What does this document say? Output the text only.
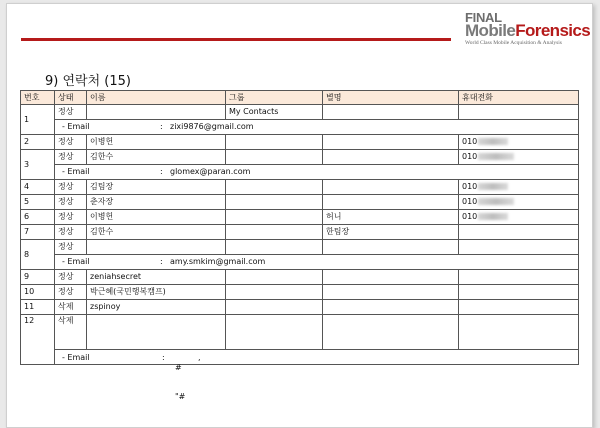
FINAL
MobileForensics
World Class Mobile Acquisition & Analysis
9) 연락처 (15)
번호	상태	이름	그룹	별명	휴대전화
1	정상		My Contacts		
	- Email : zixi9876@gmail.com				
2	정상	이병헌			010
3	정상	김한수			010
	- Email : glomex@paran.com				
4	정상	김팀장			010
5	정상	춘자장			010
6	정상	이병헌		허니	010
7	정상	김한수		한팀장	
8	정상				
	- Email : amy.smkim@gmail.com				
9	정상	zeniahsecret			
10	정상	박근혜(국민행복캠프)			
11	삭제	zspinoy			
12	삭제				

	- Email : ,
#
"#				
